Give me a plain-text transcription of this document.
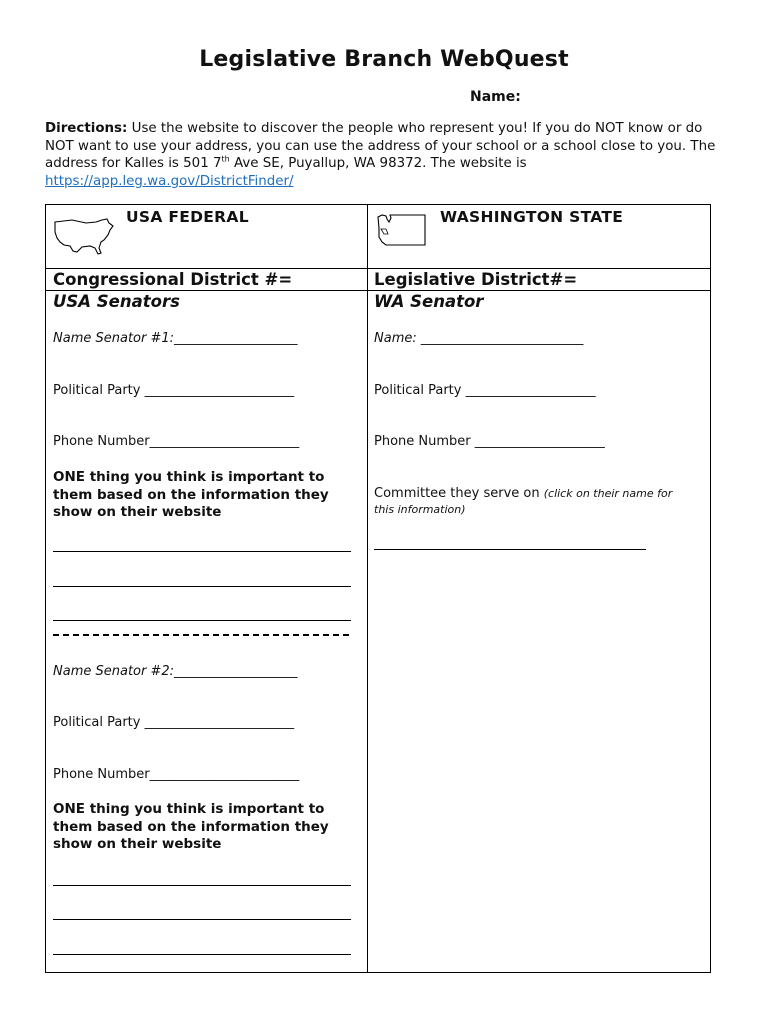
Legislative Branch WebQuest
Name:
Directions: Use the website to discover the people who represent you! If you do NOT know or do NOT want to use your address, you can use the address of your school or a school close to you. The address for Kalles is 501 7th Ave SE, Puyallup, WA 98372. The website is
https://app.leg.wa.gov/DistrictFinder/
USA FEDERAL	WASHINGTON STATE
Congressional District #=	Legislative District#=
USA Senators	WA Senator
Name Senator #1:___________________
Political Party _______________________
Phone Number_______________________
ONE thing you think is important to them based on the information they show on their website
Name Senator #2:___________________
Political Party _______________________
Phone Number_______________________
ONE thing you think is important to them based on the information they show on their website
Name: _________________________
Political Party ____________________
Phone Number ____________________
Committee they serve on (click on their name for this information)
